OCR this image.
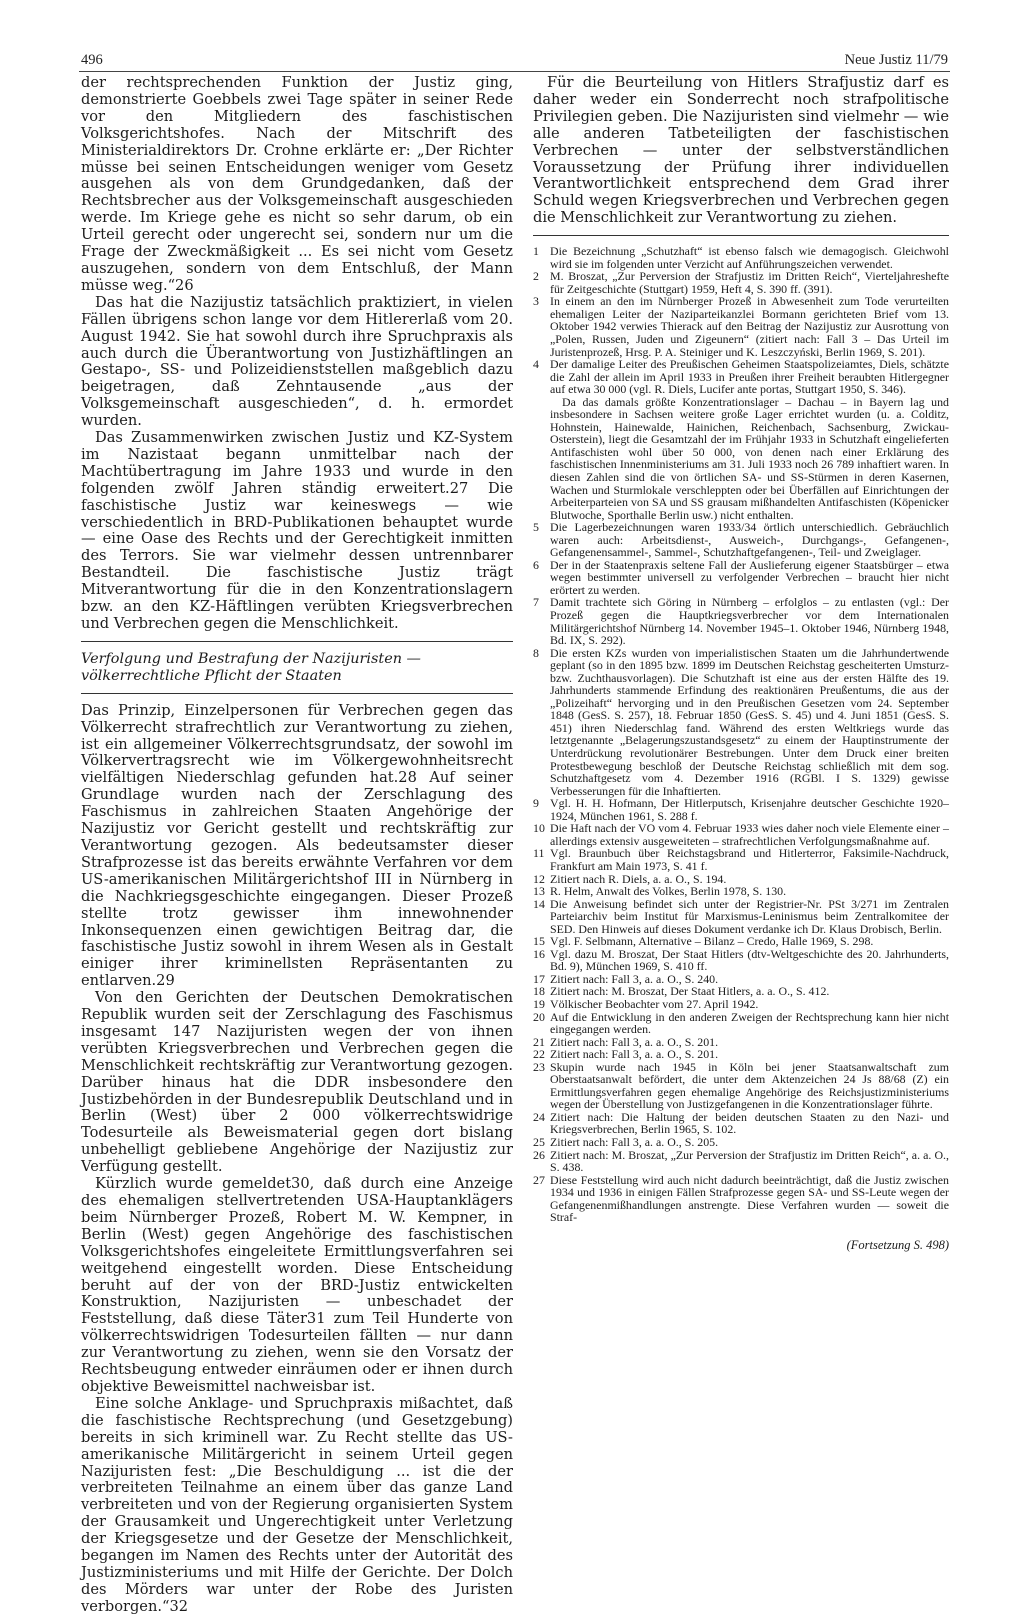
496	Neue Justiz 11/79

der rechtsprechenden Funktion der Justiz ging, demonstrierte Goebbels zwei Tage später in seiner Rede vor den Mitgliedern des faschistischen Volksgerichtshofes. Nach der Mitschrift des Ministerialdirektors Dr. Crohne erklärte er: „Der Richter müsse bei seinen Entscheidungen weniger vom Gesetz ausgehen als von dem Grundgedanken, daß der Rechtsbrecher aus der Volksgemeinschaft ausgeschieden werde. Im Kriege gehe es nicht so sehr darum, ob ein Urteil gerecht oder ungerecht sei, sondern nur um die Frage der Zweckmäßigkeit ... Es sei nicht vom Gesetz auszugehen, sondern von dem Entschluß, der Mann müsse weg.“26

Das hat die Nazijustiz tatsächlich praktiziert, in vielen Fällen übrigens schon lange vor dem Hitlererlaß vom 20. August 1942. Sie hat sowohl durch ihre Spruchpraxis als auch durch die Überantwortung von Justizhäftlingen an Gestapo-, SS- und Polizeidienststellen maßgeblich dazu beigetragen, daß Zehntausende „aus der Volksgemeinschaft ausgeschieden“, d. h. ermordet wurden.

Das Zusammenwirken zwischen Justiz und KZ-System im Nazistaat begann unmittelbar nach der Machtübertragung im Jahre 1933 und wurde in den folgenden zwölf Jahren ständig erweitert.27 Die faschistische Justiz war keineswegs — wie verschiedentlich in BRD-Publikationen behauptet wurde — eine Oase des Rechts und der Gerechtigkeit inmitten des Terrors. Sie war vielmehr dessen untrennbarer Bestandteil. Die faschistische Justiz trägt Mitverantwortung für die in den Konzentrationslagern bzw. an den KZ-Häftlingen verübten Kriegsverbrechen und Verbrechen gegen die Menschlichkeit.

Verfolgung und Bestrafung der Nazijuristen —

völkerrechtliche Pflicht der Staaten

Das Prinzip, Einzelpersonen für Verbrechen gegen das Völkerrecht strafrechtlich zur Verantwortung zu ziehen, ist ein allgemeiner Völkerrechtsgrundsatz, der sowohl im Völkervertragsrecht wie im Völkergewohnheitsrecht vielfältigen Niederschlag gefunden hat.28 Auf seiner Grundlage wurden nach der Zerschlagung des Faschismus in zahlreichen Staaten Angehörige der Nazijustiz vor Gericht gestellt und rechtskräftig zur Verantwortung gezogen. Als bedeutsamster dieser Strafprozesse ist das bereits erwähnte Verfahren vor dem US-amerikanischen Militärgerichtshof III in Nürnberg in die Nachkriegsgeschichte eingegangen. Dieser Prozeß stellte trotz gewisser ihm innewohnender Inkonsequenzen einen gewichtigen Beitrag dar, die faschistische Justiz sowohl in ihrem Wesen als in Gestalt einiger ihrer kriminellsten Repräsentanten zu entlarven.29

Von den Gerichten der Deutschen Demokratischen Republik wurden seit der Zerschlagung des Faschismus insgesamt 147 Nazijuristen wegen der von ihnen verübten Kriegsverbrechen und Verbrechen gegen die Menschlichkeit rechtskräftig zur Verantwortung gezogen. Darüber hinaus hat die DDR insbesondere den Justizbehörden in der Bundesrepublik Deutschland und in Berlin (West) über 2 000 völkerrechtswidrige Todesurteile als Beweismaterial gegen dort bislang unbehelligt gebliebene Angehörige der Nazijustiz zur Verfügung gestellt.

Kürzlich wurde gemeldet30, daß durch eine Anzeige des ehemaligen stellvertretenden USA-Hauptanklägers beim Nürnberger Prozeß, Robert M. W. Kempner, in Berlin (West) gegen Angehörige des faschistischen Volksgerichtshofes eingeleitete Ermittlungsverfahren sei weitgehend eingestellt worden. Diese Entscheidung beruht auf der von der BRD-Justiz entwickelten Konstruktion, Nazijuristen — unbeschadet der Feststellung, daß diese Täter31 zum Teil Hunderte von völkerrechtswidrigen Todesurteilen fällten — nur dann zur Verantwortung zu ziehen, wenn sie den Vorsatz der Rechtsbeugung entweder einräumen oder er ihnen durch objektive Beweismittel nachweisbar ist.

Eine solche Anklage- und Spruchpraxis mißachtet, daß die faschistische Rechtsprechung (und Gesetzgebung) bereits in sich kriminell war. Zu Recht stellte das US-amerikanische Militärgericht in seinem Urteil gegen Nazijuristen fest: „Die Beschuldigung ... ist die der verbreiteten Teilnahme an einem über das ganze Land verbreiteten und von der Regierung organisierten System der Grausamkeit und Ungerechtigkeit unter Verletzung der Kriegsgesetze und der Gesetze der Menschlichkeit, begangen im Namen des Rechts unter der Autorität des Justizministeriums und mit Hilfe der Gerichte. Der Dolch des Mörders war unter der Robe des Juristen verborgen.“32

Für die Beurteilung von Hitlers Strafjustiz darf es daher weder ein Sonderrecht noch strafpolitische Privilegien geben. Die Nazijuristen sind vielmehr — wie alle anderen Tatbeteiligten der faschistischen Verbrechen — unter der selbstverständlichen Voraussetzung der Prüfung ihrer individuellen Verantwortlichkeit entsprechend dem Grad ihrer Schuld wegen Kriegsverbrechen und Verbrechen gegen die Menschlichkeit zur Verantwortung zu ziehen.

1 Die Bezeichnung „Schutzhaft“ ist ebenso falsch wie demagogisch. Gleichwohl wird sie im folgenden unter Verzicht auf Anführungszeichen verwendet.
2 M. Broszat, „Zur Perversion der Strafjustiz im Dritten Reich“, Vierteljahreshefte für Zeitgeschichte (Stuttgart) 1959, Heft 4, S. 390 ff. (391).
3 In einem an den im Nürnberger Prozeß in Abwesenheit zum Tode verurteilten ehemaligen Leiter der Naziparteikanzlei Bormann gerichteten Brief vom 13. Oktober 1942 verwies Thierack auf den Beitrag der Nazijustiz zur Ausrottung von „Polen, Russen, Juden und Zigeunern“ (zitiert nach: Fall 3 – Das Urteil im Juristenprozeß, Hrsg. P. A. Steiniger und K. Leszczyński, Berlin 1969, S. 201).
4 Der damalige Leiter des Preußischen Geheimen Staatspolizeiamtes, Diels, schätzte die Zahl der allein im April 1933 in Preußen ihrer Freiheit beraubten Hitlergegner auf etwa 30 000 (vgl. R. Diels, Lucifer ante portas, Stuttgart 1950, S. 346).
Da das damals größte Konzentrationslager – Dachau – in Bayern lag und insbesondere in Sachsen weitere große Lager errichtet wurden (u. a. Colditz, Hohnstein, Hainewalde, Hainichen, Reichenbach, Sachsenburg, Zwickau-Osterstein), liegt die Gesamtzahl der im Frühjahr 1933 in Schutzhaft eingelieferten Antifaschisten wohl über 50 000, von denen nach einer Erklärung des faschistischen Innenministeriums am 31. Juli 1933 noch 26 789 inhaftiert waren. In diesen Zahlen sind die von örtlichen SA- und SS-Stürmen in deren Kasernen, Wachen und Sturmlokale verschleppten oder bei Überfällen auf Einrichtungen der Arbeiterparteien von SA und SS grausam mißhandelten Antifaschisten (Köpenicker Blutwoche, Sporthalle Berlin usw.) nicht enthalten.
5 Die Lagerbezeichnungen waren 1933/34 örtlich unterschiedlich. Gebräuchlich waren auch: Arbeitsdienst-, Ausweich-, Durchgangs-, Gefangenen-, Gefangenensammel-, Sammel-, Schutzhaftgefangenen-, Teil- und Zweiglager.
6 Der in der Staatenpraxis seltene Fall der Auslieferung eigener Staatsbürger – etwa wegen bestimmter universell zu verfolgender Verbrechen – braucht hier nicht erörtert zu werden.
7 Damit trachtete sich Göring in Nürnberg – erfolglos – zu entlasten (vgl.: Der Prozeß gegen die Hauptkriegsverbrecher vor dem Internationalen Militärgerichtshof Nürnberg 14. November 1945–1. Oktober 1946, Nürnberg 1948, Bd. IX, S. 292).
8 Die ersten KZs wurden von imperialistischen Staaten um die Jahrhundertwende geplant (so in den 1895 bzw. 1899 im Deutschen Reichstag gescheiterten Umsturz- bzw. Zuchthausvorlagen). Die Schutzhaft ist eine aus der ersten Hälfte des 19. Jahrhunderts stammende Erfindung des reaktionären Preußentums, die aus der „Polizeihaft“ hervorging und in den Preußischen Gesetzen vom 24. September 1848 (GesS. S. 257), 18. Februar 1850 (GesS. S. 45) und 4. Juni 1851 (GesS. S. 451) ihren Niederschlag fand. Während des ersten Weltkriegs wurde das letztgenannte „Belagerungszustandsgesetz“ zu einem der Hauptinstrumente der Unterdrückung revolutionärer Bestrebungen. Unter dem Druck einer breiten Protestbewegung beschloß der Deutsche Reichstag schließlich mit dem sog. Schutzhaftgesetz vom 4. Dezember 1916 (RGBl. I S. 1329) gewisse Verbesserungen für die Inhaftierten.
9 Vgl. H. H. Hofmann, Der Hitlerputsch, Krisenjahre deutscher Geschichte 1920–1924, München 1961, S. 288 f.
10 Die Haft nach der VO vom 4. Februar 1933 wies daher noch viele Elemente einer – allerdings extensiv ausgeweiteten – strafrechtlichen Verfolgungsmaßnahme auf.
11 Vgl. Braunbuch über Reichstagsbrand und Hitlerterror, Faksimile-Nachdruck, Frankfurt am Main 1973, S. 41 f.
12 Zitiert nach R. Diels, a. a. O., S. 194.
13 R. Helm, Anwalt des Volkes, Berlin 1978, S. 130.
14 Die Anweisung befindet sich unter der Registrier-Nr. PSt 3/271 im Zentralen Parteiarchiv beim Institut für Marxismus-Leninismus beim Zentralkomitee der SED. Den Hinweis auf dieses Dokument verdanke ich Dr. Klaus Drobisch, Berlin.
15 Vgl. F. Selbmann, Alternative – Bilanz – Credo, Halle 1969, S. 298.
16 Vgl. dazu M. Broszat, Der Staat Hitlers (dtv-Weltgeschichte des 20. Jahrhunderts, Bd. 9), München 1969, S. 410 ff.
17 Zitiert nach: Fall 3, a. a. O., S. 240.
18 Zitiert nach: M. Broszat, Der Staat Hitlers, a. a. O., S. 412.
19 Völkischer Beobachter vom 27. April 1942.
20 Auf die Entwicklung in den anderen Zweigen der Rechtsprechung kann hier nicht eingegangen werden.
21 Zitiert nach: Fall 3, a. a. O., S. 201.
22 Zitiert nach: Fall 3, a. a. O., S. 201.
23 Skupin wurde nach 1945 in Köln bei jener Staatsanwaltschaft zum Oberstaatsanwalt befördert, die unter dem Aktenzeichen 24 Js 88/68 (Z) ein Ermittlungsverfahren gegen ehemalige Angehörige des Reichsjustizministeriums wegen der Überstellung von Justizgefangenen in die Konzentrationslager führte.
24 Zitiert nach: Die Haltung der beiden deutschen Staaten zu den Nazi- und Kriegsverbrechen, Berlin 1965, S. 102.
25 Zitiert nach: Fall 3, a. a. O., S. 205.
26 Zitiert nach: M. Broszat, „Zur Perversion der Strafjustiz im Dritten Reich“, a. a. O., S. 438.
27 Diese Feststellung wird auch nicht dadurch beeinträchtigt, daß die Justiz zwischen 1934 und 1936 in einigen Fällen Strafprozesse gegen SA- und SS-Leute wegen der Gefangenenmißhandlungen anstrengte. Diese Verfahren wurden — soweit die Straf-
(Fortsetzung S. 498)
